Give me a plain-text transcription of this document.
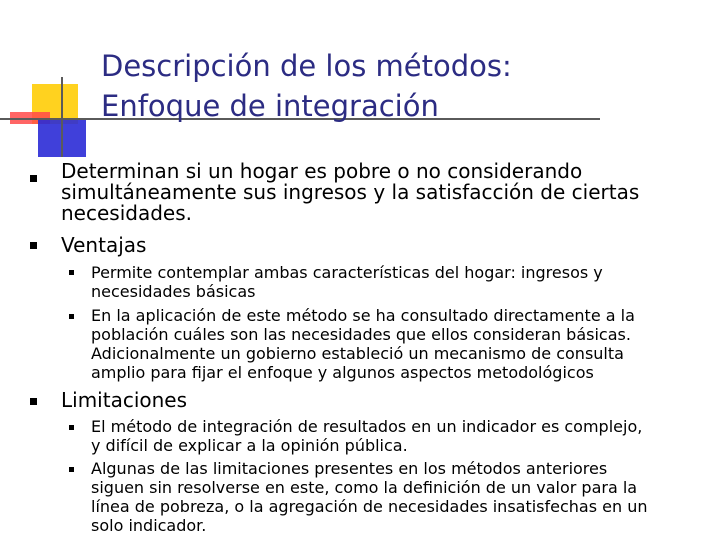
Descripción de los métodos:
Enfoque de integración
Determinan si un hogar es pobre o no considerando
simultáneamente sus ingresos y la satisfacción de ciertas
necesidades.
Ventajas
Permite contemplar ambas características del hogar: ingresos y
necesidades básicas
En la aplicación de este método se ha consultado directamente a la
población cuáles son las necesidades que ellos consideran básicas.
Adicionalmente un gobierno estableció un mecanismo de consulta
amplio para fijar el enfoque y algunos aspectos metodológicos
Limitaciones
El método de integración de resultados en un indicador es complejo,
y difícil de explicar a la opinión pública.
Algunas de las limitaciones presentes en los métodos anteriores
siguen sin resolverse en este, como la definición de un valor para la
línea de pobreza, o la agregación de necesidades insatisfechas en un
solo indicador.
